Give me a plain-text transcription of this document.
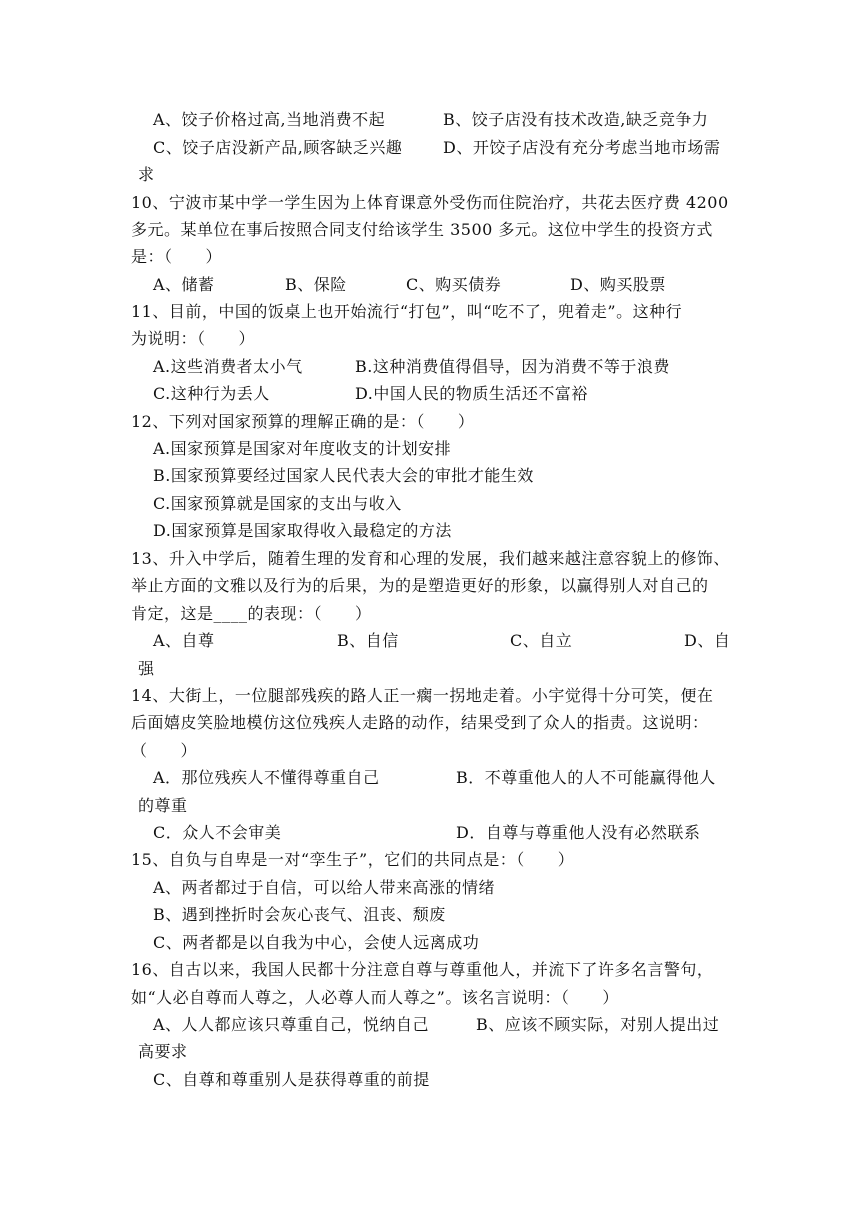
A、饺子价格过高,当地消费不起	B、饺子店没有技术改造,缺乏竞争力
C、饺子店没新产品,顾客缺乏兴趣	D、开饺子店没有充分考虑当地市场需
求
10、宁波市某中学一学生因为上体育课意外受伤而住院治疗，共花去医疗费 4200
多元。某单位在事后按照合同支付给该学生 3500 多元。这位中学生的投资方式
是：（　　）
A、储蓄	B、保险	C、购买债券	D、购买股票
11、目前，中国的饭桌上也开始流行“打包”，叫“吃不了，兜着走”。这种行
为说明：（　　）
A.这些消费者太小气	B.这种消费值得倡导，因为消费不等于浪费
C.这种行为丢人	D.中国人民的物质生活还不富裕
12、下列对国家预算的理解正确的是：（　　）
A.国家预算是国家对年度收支的计划安排
B.国家预算要经过国家人民代表大会的审批才能生效
C.国家预算就是国家的支出与收入
D.国家预算是国家取得收入最稳定的方法
13、升入中学后，随着生理的发育和心理的发展，我们越来越注意容貌上的修饰、
举止方面的文雅以及行为的后果，为的是塑造更好的形象，以赢得别人对自己的
肯定，这是____的表现：（　　）
A、自尊	B、自信	C、自立	D、自
强
14、大街上，一位腿部残疾的路人正一瘸一拐地走着。小宇觉得十分可笑，便在
后面嬉皮笑脸地模仿这位残疾人走路的动作，结果受到了众人的指责。这说明：
（　　）
A．那位残疾人不懂得尊重自己	B．不尊重他人的人不可能赢得他人
的尊重
C．众人不会审美	D．自尊与尊重他人没有必然联系
15、自负与自卑是一对“孪生子”，它们的共同点是：（　　）
A、两者都过于自信，可以给人带来高涨的情绪
B、遇到挫折时会灰心丧气、沮丧、颓废
C、两者都是以自我为中心，会使人远离成功
16、自古以来，我国人民都十分注意自尊与尊重他人，并流下了许多名言警句，
如“人必自尊而人尊之，人必尊人而人尊之”。该名言说明：（　　）
A、人人都应该只尊重自己，悦纳自己	B、应该不顾实际，对别人提出过
高要求
C、自尊和尊重别人是获得尊重的前提
